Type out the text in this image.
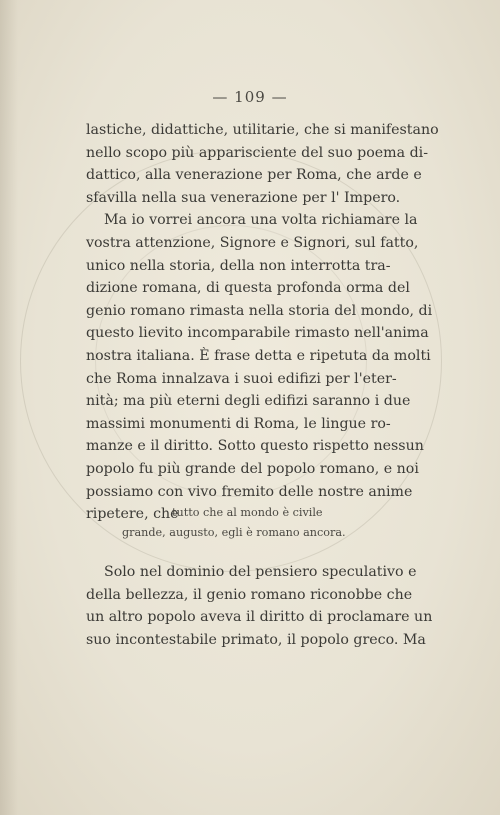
— 109 —
lastiche, didattiche, utilitarie, che si manifestano
nello scopo più apparisciente del suo poema di-
dattico, alla venerazione per Roma, che arde e
sfavilla nella sua venerazione per l' Impero.
Ma io vorrei ancora una volta richiamare la
vostra attenzione, Signore e Signori, sul fatto,
unico nella storia, della non interrotta tra-
dizione romana, di questa profonda orma del
genio romano rimasta nella storia del mondo, di
questo lievito incomparabile rimasto nell'anima
nostra italiana. È frase detta e ripetuta da molti
che Roma innalzava i suoi edifizi per l'eter-
nità; ma più eterni degli edifizi saranno i due
massimi monumenti di Roma, le lingue ro-
manze e il diritto. Sotto questo rispetto nessun
popolo fu più grande del popolo romano, e noi
possiamo con vivo fremito delle nostre anime
ripetere, che
tutto che al mondo è civile
grande, augusto, egli è romano ancora.
Solo nel dominio del pensiero speculativo e
della bellezza, il genio romano riconobbe che
un altro popolo aveva il diritto di proclamare un
suo incontestabile primato, il popolo greco. Ma
